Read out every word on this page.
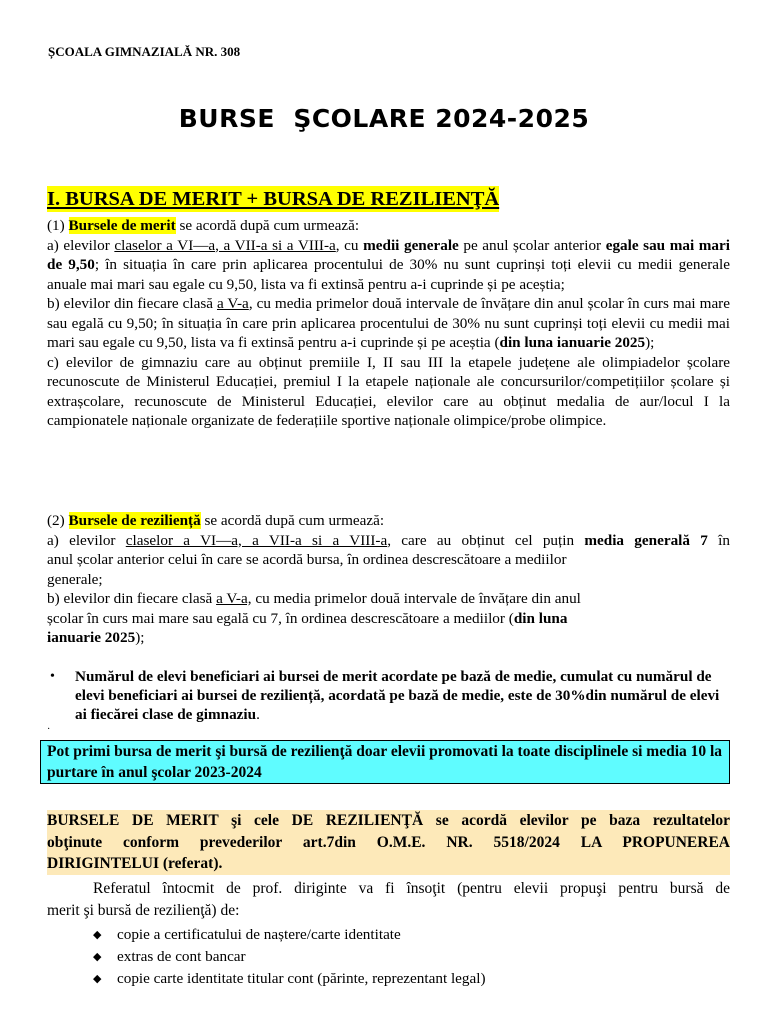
ȘCOALA GIMNAZIALĂ NR. 308
BURSE  ŞCOLARE 2024-2025
I. BURSA DE MERIT + BURSA DE REZILIENŢĂ
(1) Bursele de merit se acordă după cum urmează:
a) elevilor claselor a VI—a, a VII-a si a VIII-a, cu medii generale pe anul școlar anterior egale sau mai mari de 9,50; în situația în care prin aplicarea procentului de 30% nu sunt cuprinși toți elevii cu medii generale anuale mai mari sau egale cu 9,50, lista va fi extinsă pentru a-i cuprinde și pe aceștia;
b) elevilor din fiecare clasă a V-a, cu media primelor două intervale de învățare din anul școlar în curs mai mare sau egală cu 9,50; în situația în care prin aplicarea procentului de 30% nu sunt cuprinși toți elevii cu medii mai mari sau egale cu 9,50, lista va fi extinsă pentru a-i cuprinde și pe aceștia (din luna ianuarie 2025);
c) elevilor de gimnaziu care au obținut premiile I, II sau III la etapele județene ale olimpiadelor școlare recunoscute de Ministerul Educației, premiul I la etapele naționale ale concursurilor/competițiilor școlare și extrașcolare, recunoscute de Ministerul Educației, elevilor care au obținut medalia de aur/locul I la campionatele naționale organizate de federațiile sportive naționale olimpice/probe olimpice.
(2) Bursele de reziliență se acordă după cum urmează:
a) elevilor claselor a VI—a, a VII-a si a VIII-a, care au obținut cel puțin media generală 7 în
anul școlar anterior celui în care se acordă bursa, în ordinea descrescătoare a mediilor
generale;
b) elevilor din fiecare clasă a V-a, cu media primelor două intervale de învățare din anul
școlar în curs mai mare sau egală cu 7, în ordinea descrescătoare a mediilor (din luna
ianuarie 2025);
• Numărul de elevi beneficiari ai bursei de merit acordate pe bază de medie, cumulat cu numărul de elevi beneficiari ai bursei de reziliență, acordată pe bază de medie, este de 30%din numărul de elevi ai fiecărei clase de gimnaziu.
·
Pot primi bursa de merit şi bursă de rezilienţă doar elevii promovati la toate disciplinele si media 10 la purtare în anul şcolar 2023-2024
BURSELE DE MERIT şi cele DE REZILIENŢĂ se acordă elevilor pe baza rezultatelor
obţinute conform prevederilor art.7din O.M.E. NR. 5518/2024 LA PROPUNEREA
DIRIGINTELUI (referat).
Referatul întocmit de prof. diriginte va fi însoţit (pentru elevii propuşi pentru bursă de
merit şi bursă de rezilienţă) de:
◆ copie a certificatului de naștere/carte identitate
◆ extras de cont bancar
◆ copie carte identitate titular cont (părinte, reprezentant legal)
